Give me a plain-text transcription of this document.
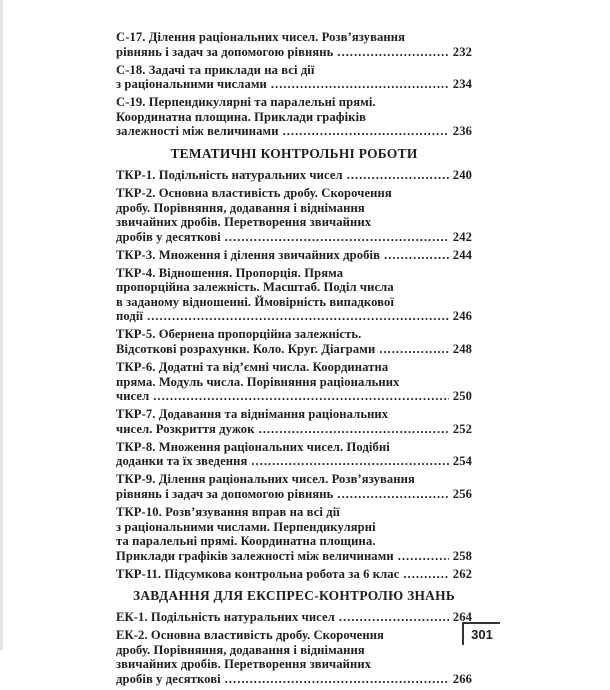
С-17. Ділення раціональних чисел. Розв’язування
рівнянь і задач за допомогою рівнянь .....	232
С-18. Задачі та приклади на всі дії
з раціональними числами .....	234
С-19. Перпендикулярні та паралельні прямі.
Координатна площина. Приклади графіків
залежності між величинами .....	236
ТЕМАТИЧНІ КОНТРОЛЬНІ РОБОТИ
ТКР-1. Подільність натуральних чисел .....	240
ТКР-2. Основна властивість дробу. Скорочення
дробу. Порівняння, додавання і віднімання
звичайних дробів. Перетворення звичайних
дробів у десяткові .....	242
ТКР-3. Множення і ділення звичайних дробів .....	244
ТКР-4. Відношення. Пропорція. Пряма
пропорційна залежність. Масштаб. Поділ числа
в заданому відношенні. Ймовірність випадкової
події .....	246
ТКР-5. Обернена пропорційна залежність.
Відсоткові розрахунки. Коло. Круг. Діаграми .....	248
ТКР-6. Додатні та від’ємні числа. Координатна
пряма. Модуль числа. Порівняння раціональних
чисел .....	250
ТКР-7. Додавання та віднімання раціональних
чисел. Розкриття дужок .....	252
ТКР-8. Множення раціональних чисел. Подібні
доданки та їх зведення .....	254
ТКР-9. Ділення раціональних чисел. Розв’язування
рівнянь і задач за допомогою рівнянь .....	256
ТКР-10. Розв’язування вправ на всі дії
з раціональними числами. Перпендикулярні
та паралельні прямі. Координатна площина.
Приклади графіків залежності між величинами .....	258
ТКР-11. Підсумкова контрольна робота за 6 клас .....	262
ЗАВДАННЯ ДЛЯ ЕКСПРЕС-КОНТРОЛЮ ЗНАНЬ
ЕК-1. Подільність натуральних чисел .....	264
ЕК-2. Основна властивість дробу. Скорочення
дробу. Порівняння, додавання і віднімання
звичайних дробів. Перетворення звичайних
дробів у десяткові .....	266
301
